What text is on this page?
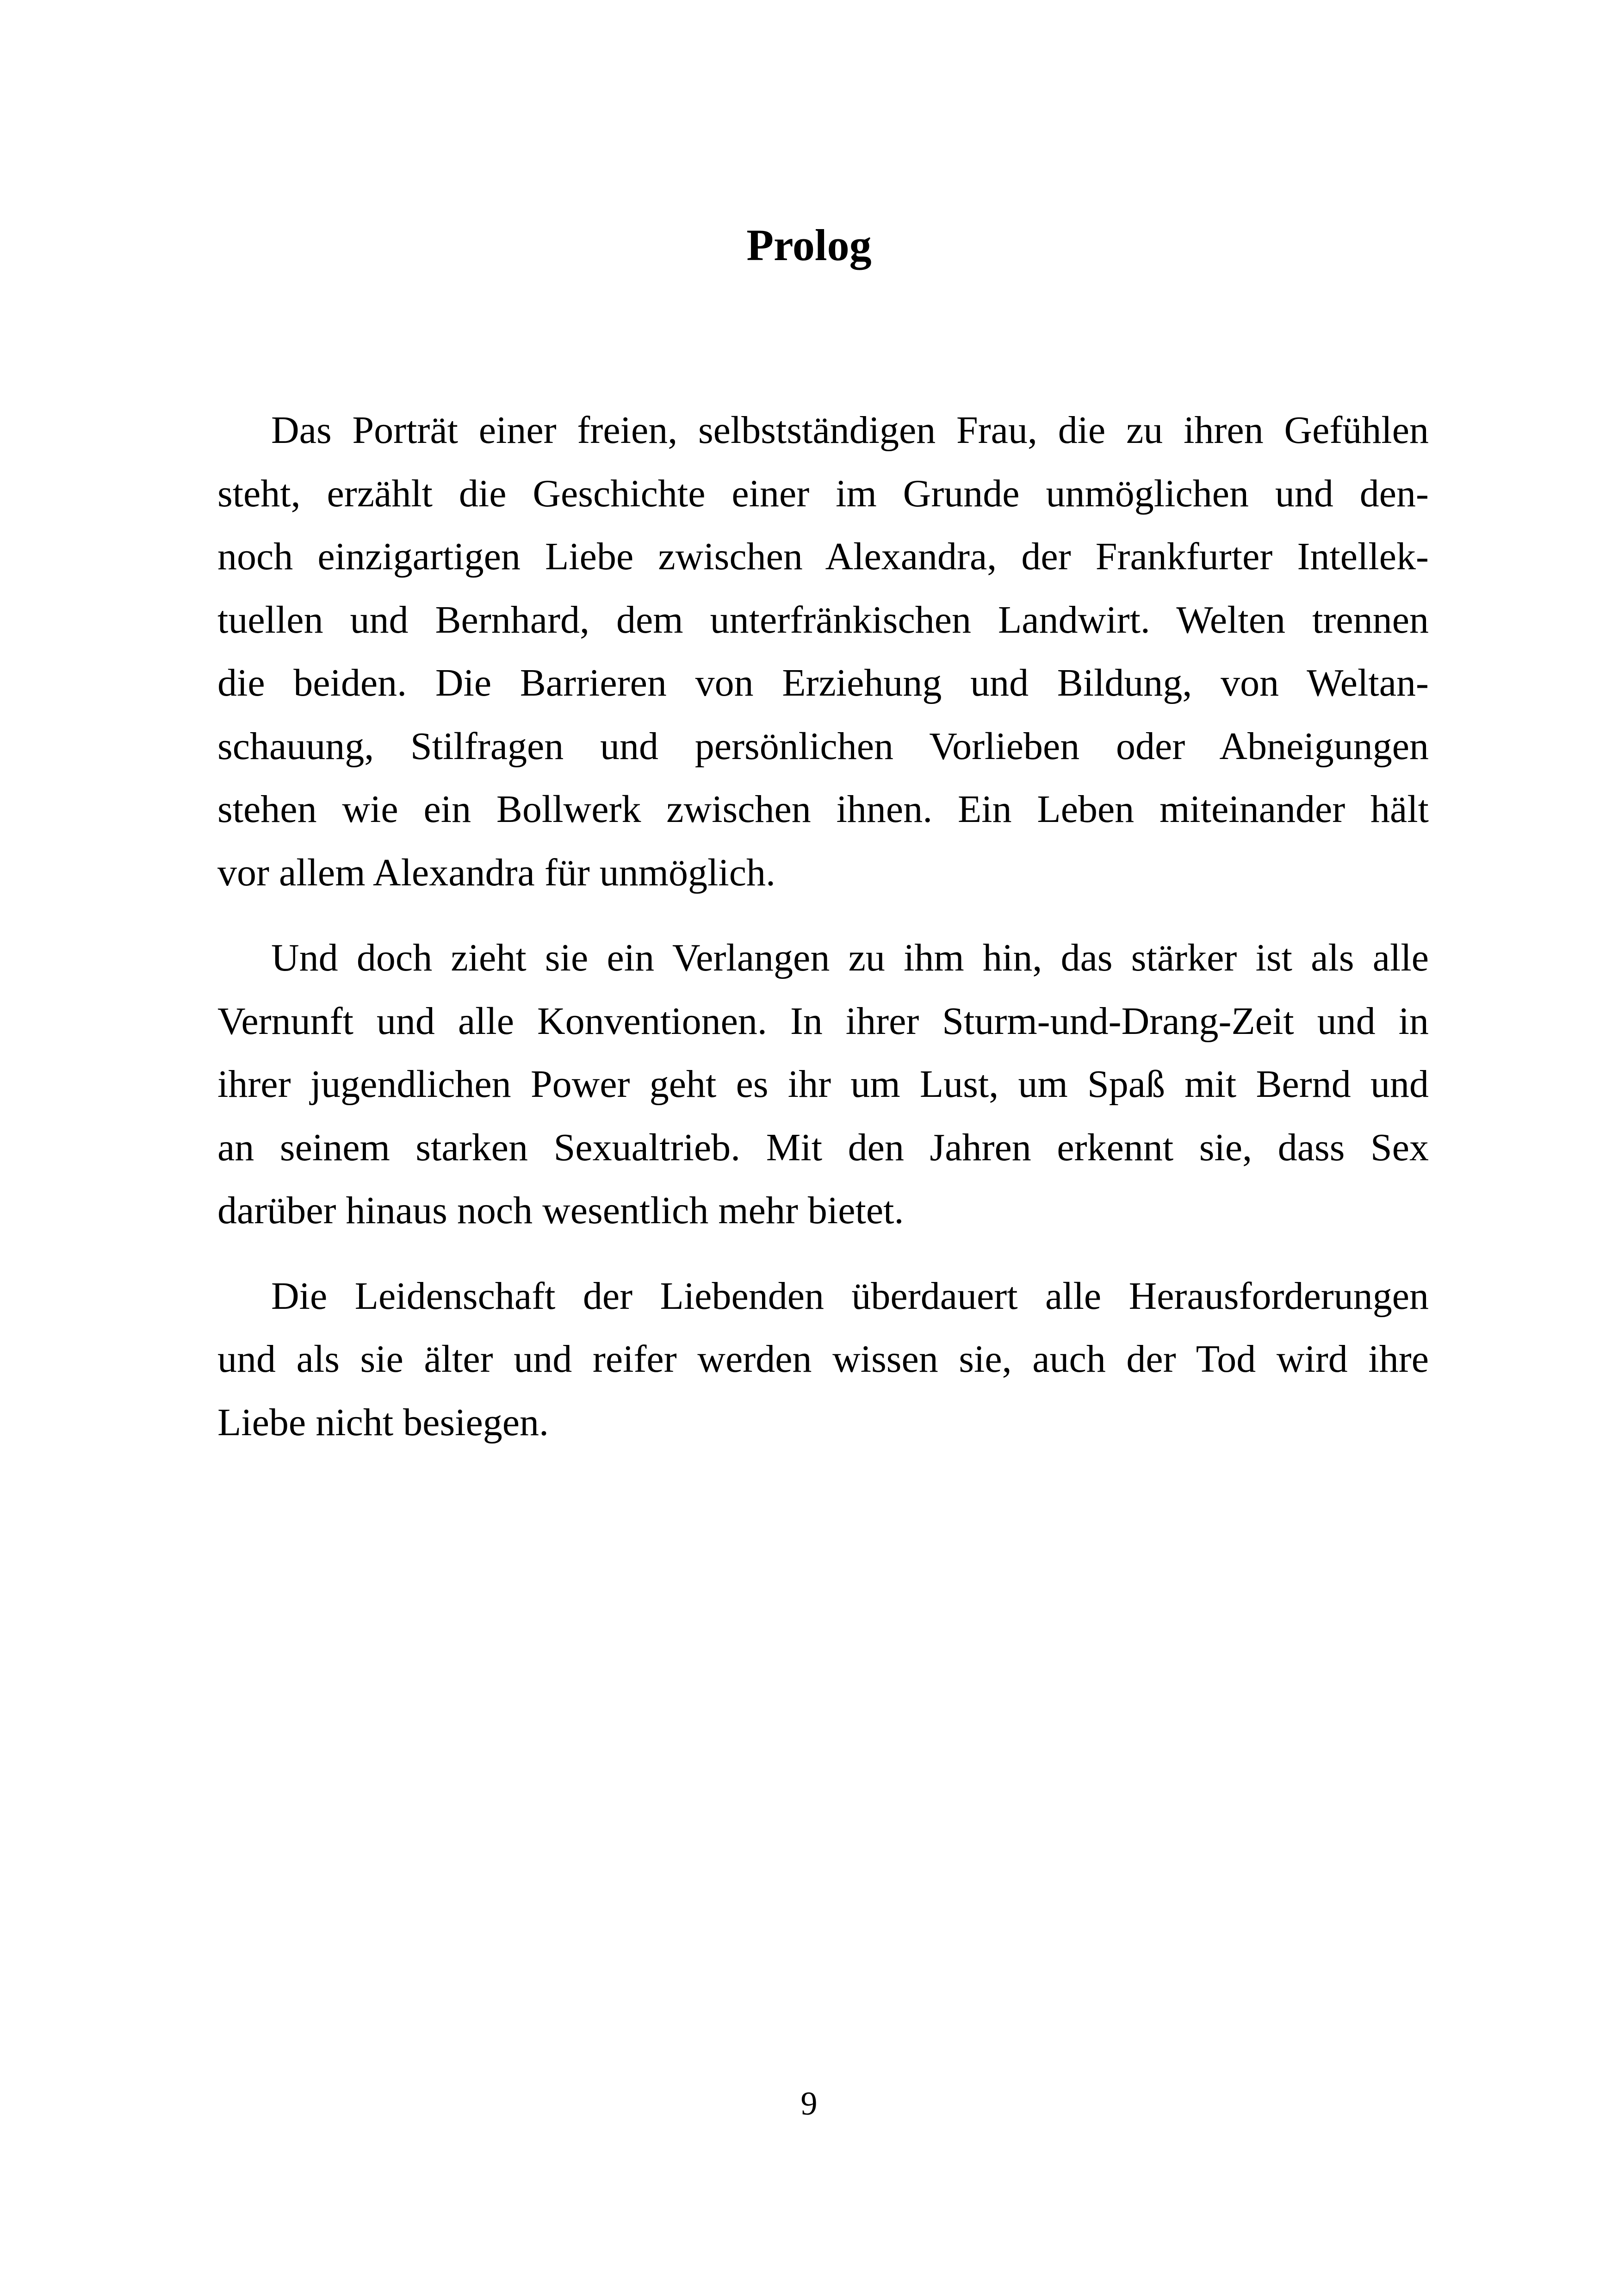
Prolog

Das Porträt einer freien, selbstständigen Frau, die zu ihren Gefühlen
steht, erzählt die Geschichte einer im Grunde unmöglichen und den-
noch einzigartigen Liebe zwischen Alexandra, der Frankfurter Intellek-
tuellen und Bernhard, dem unterfränkischen Landwirt. Welten trennen
die beiden. Die Barrieren von Erziehung und Bildung, von Weltan-
schauung, Stilfragen und persönlichen Vorlieben oder Abneigungen
stehen wie ein Bollwerk zwischen ihnen. Ein Leben miteinander hält
vor allem Alexandra für unmöglich.

Und doch zieht sie ein Verlangen zu ihm hin, das stärker ist als alle
Vernunft und alle Konventionen. In ihrer Sturm-und-Drang-Zeit und in
ihrer jugendlichen Power geht es ihr um Lust, um Spaß mit Bernd und
an seinem starken Sexualtrieb. Mit den Jahren erkennt sie, dass Sex
darüber hinaus noch wesentlich mehr bietet.

Die Leidenschaft der Liebenden überdauert alle Herausforderungen
und als sie älter und reifer werden wissen sie, auch der Tod wird ihre
Liebe nicht besiegen.

9
